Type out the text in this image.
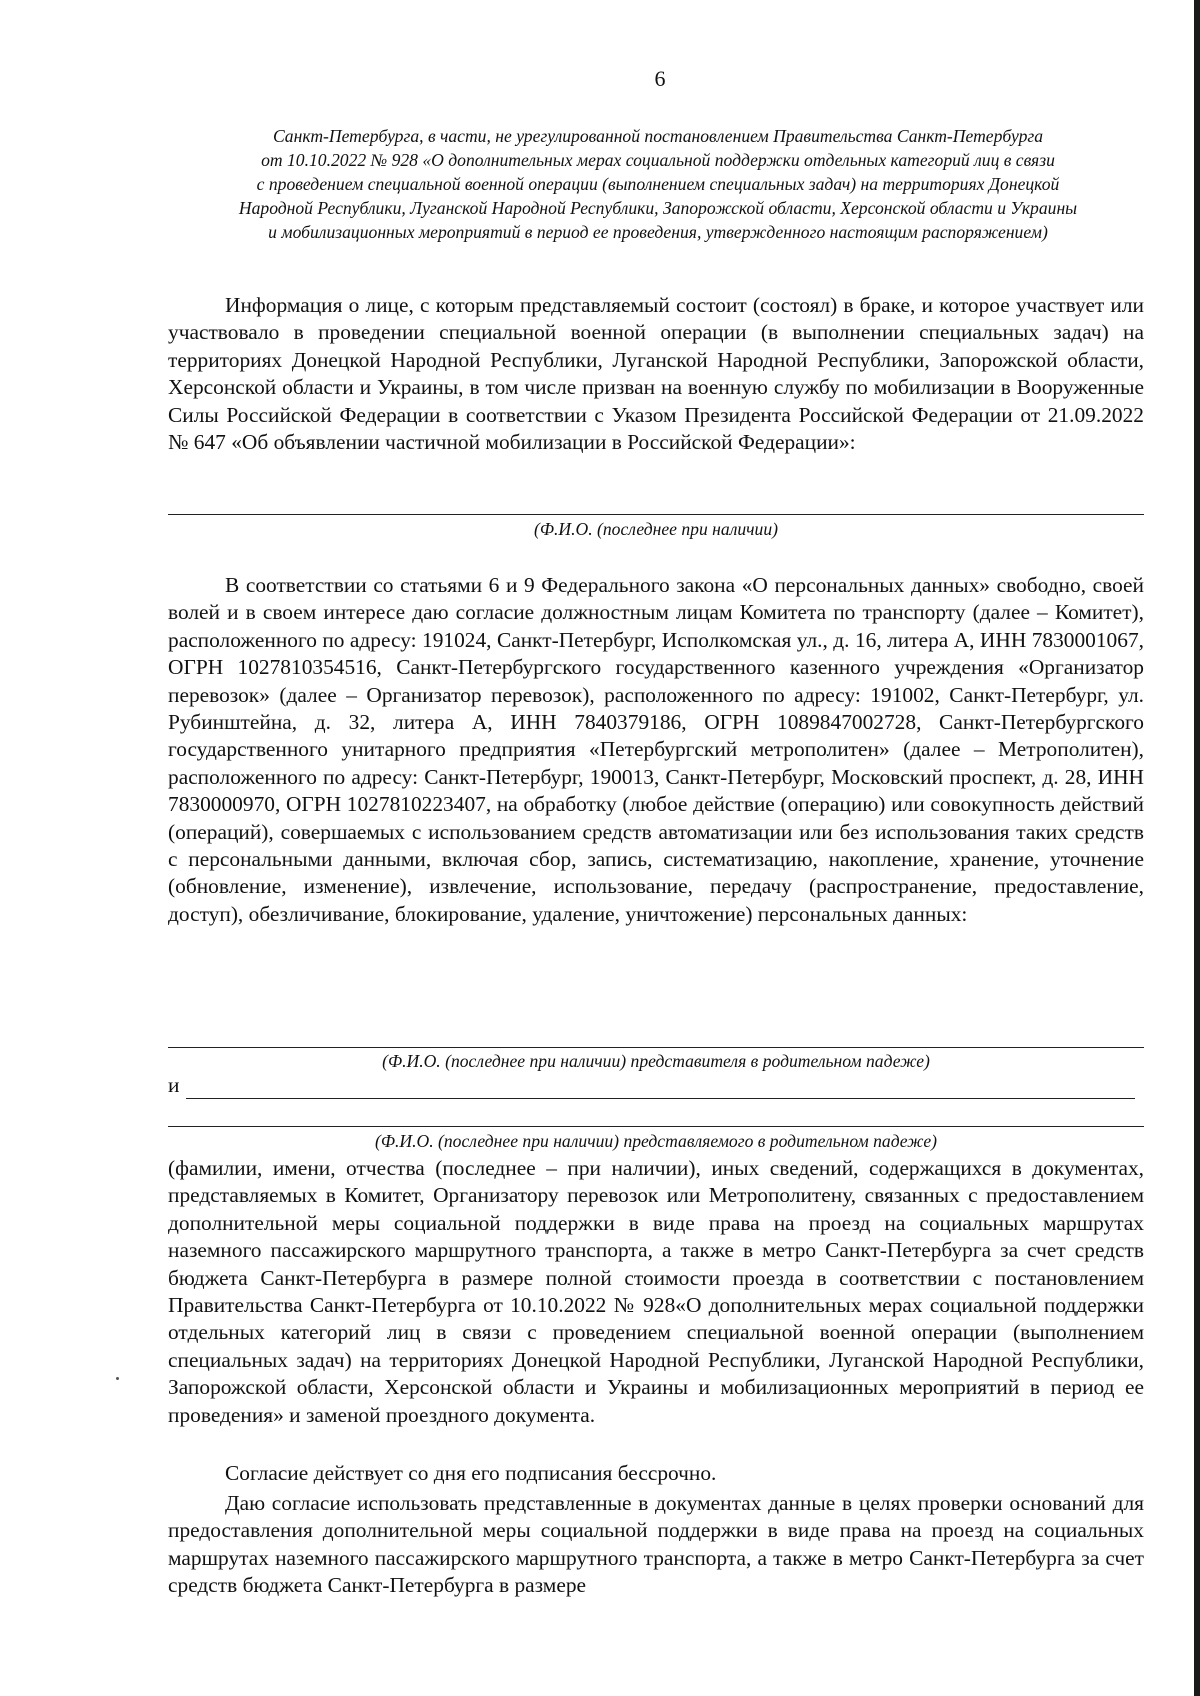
6
Санкт-Петербурга, в части, не урегулированной постановлением Правительства Санкт-Петербурга
от 10.10.2022 № 928 «О дополнительных мерах социальной поддержки отдельных категорий лиц в связи
с проведением специальной военной операции (выполнением специальных задач) на территориях Донецкой
Народной Республики, Луганской Народной Республики, Запорожской области, Херсонской области и Украины
и мобилизационных мероприятий в период ее проведения, утвержденного настоящим распоряжением)
Информация о лице, с которым представляемый состоит (состоял) в браке, и которое участвует или участвовало в проведении специальной военной операции (в выполнении специальных задач) на территориях Донецкой Народной Республики, Луганской Народной Республики, Запорожской области, Херсонской области и Украины, в том числе призван на военную службу по мобилизации в Вооруженные Силы Российской Федерации в соответствии с Указом Президента Российской Федерации от 21.09.2022 № 647 «Об объявлении частичной мобилизации в Российской Федерации»:
(Ф.И.О. (последнее при наличии)
В соответствии со статьями 6 и 9 Федерального закона «О персональных данных» свободно, своей волей и в своем интересе даю согласие должностным лицам Комитета по транспорту (далее – Комитет), расположенного по адресу: 191024, Санкт-Петербург, Исполкомская ул., д. 16, литера А, ИНН 7830001067, ОГРН 1027810354516, Санкт-Петербургского государственного казенного учреждения «Организатор перевозок» (далее – Организатор перевозок), расположенного по адресу: 191002, Санкт-Петербург, ул. Рубинштейна, д. 32, литера А, ИНН 7840379186, ОГРН 1089847002728, Санкт-Петербургского государственного унитарного предприятия «Петербургский метрополитен» (далее – Метрополитен), расположенного по адресу: Санкт-Петербург, 190013, Санкт-Петербург, Московский проспект, д. 28, ИНН 7830000970, ОГРН 1027810223407, на обработку (любое действие (операцию) или совокупность действий (операций), совершаемых с использованием средств автоматизации или без использования таких средств с персональными данными, включая сбор, запись, систематизацию, накопление, хранение, уточнение (обновление, изменение), извлечение, использование, передачу (распространение, предоставление, доступ), обезличивание, блокирование, удаление, уничтожение) персональных данных:
(Ф.И.О. (последнее при наличии) представителя в родительном падеже)
и
(Ф.И.О. (последнее при наличии) представляемого в родительном падеже)
(фамилии, имени, отчества (последнее – при наличии), иных сведений, содержащихся в документах, представляемых в Комитет, Организатору перевозок или Метрополитену, связанных с предоставлением дополнительной меры социальной поддержки в виде права на проезд на социальных маршрутах наземного пассажирского маршрутного транспорта, а также в метро Санкт-Петербурга за счет средств бюджета Санкт-Петербурга в размере полной стоимости проезда в соответствии с постановлением Правительства Санкт-Петербурга от 10.10.2022 № 928«О дополнительных мерах социальной поддержки отдельных категорий лиц в связи с проведением специальной военной операции (выполнением специальных задач) на территориях Донецкой Народной Республики, Луганской Народной Республики, Запорожской области, Херсонской области и Украины и мобилизационных мероприятий в период ее проведения» и заменой проездного документа.
Согласие действует со дня его подписания бессрочно.
Даю согласие использовать представленные в документах данные в целях проверки оснований для предоставления дополнительной меры социальной поддержки в виде права на проезд на социальных маршрутах наземного пассажирского маршрутного транспорта, а также в метро Санкт-Петербурга за счет средств бюджета Санкт-Петербурга в размере
